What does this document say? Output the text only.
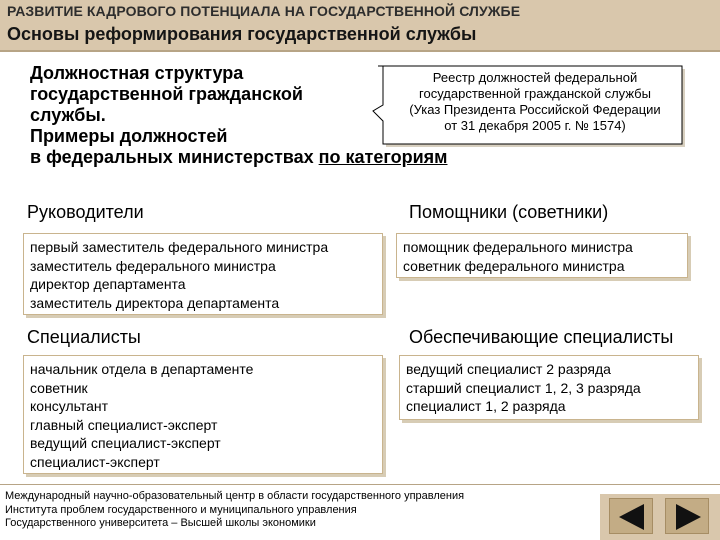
РАЗВИТИЕ КАДРОВОГО ПОТЕНЦИАЛА НА ГОСУДАРСТВЕННОЙ СЛУЖБЕ
Основы реформирования государственной службы
Должностная структура
государственной гражданской
службы.
Примеры должностей
в федеральных министерствах по категориям
Реестр должностей федеральной
государственной гражданской службы
(Указ Президента Российской Федерации
от 31 декабря 2005 г. № 1574)
Руководители
первый заместитель федерального министра
заместитель федерального министра
директор департамента
заместитель директора департамента
Помощники (советники)
помощник федерального министра
советник федерального министра
Специалисты
начальник отдела в департаменте
советник
консультант
главный специалист-эксперт
ведущий специалист-эксперт
специалист-эксперт
Обеспечивающие специалисты
ведущий специалист 2 разряда
старший специалист 1, 2, 3 разряда
специалист 1, 2 разряда
Международный научно-образовательный центр в области государственного управления
Института проблем государственного и муниципального управления
Государственного университета – Высшей школы экономики
